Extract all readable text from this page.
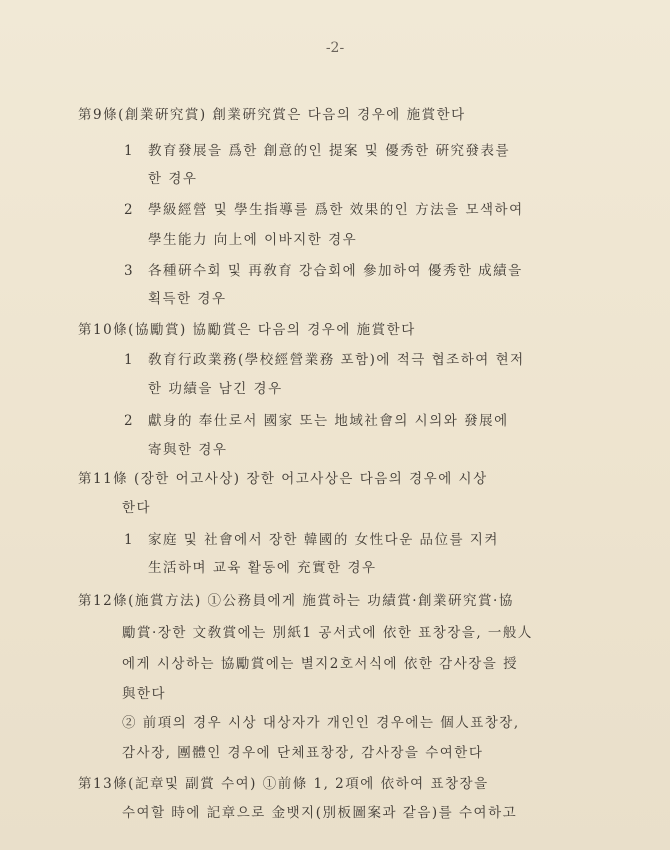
-2-
第9條(創業硏究賞) 創業硏究賞은 다음의 경우에 施賞한다
1 教育發展을 爲한 創意的인 提案 및 優秀한 硏究發表를
한 경우
2 學級經營 및 學生指導를 爲한 效果的인 方法을 모색하여
學生能力 向上에 이바지한 경우
3 各種硏수회 및 再敎育 강습회에 參加하여 優秀한 成績을
획득한 경우
第10條(協勵賞) 協勵賞은 다음의 경우에 施賞한다
1 敎育行政業務(學校經營業務 포함)에 적극 협조하여 현저
한 功績을 남긴 경우
2 獻身的 奉仕로서 國家 또는 地域社會의 시의와 發展에
寄與한 경우
第11條 (장한 어고사상) 장한 어고사상은 다음의 경우에 시상
한다
1 家庭 및 社會에서 장한 韓國的 女性다운 品位를 지켜
生活하며 교육 활동에 充實한 경우
第12條(施賞方法) ①公務員에게 施賞하는 功績賞·創業硏究賞·協
勵賞·장한 文敎賞에는 別紙1 공서式에 依한 표창장을, 一般人
에게 시상하는 協勵賞에는 별지2호서식에 依한 감사장을 授
與한다
② 前項의 경우 시상 대상자가 개인인 경우에는 個人표창장,
감사장, 團體인 경우에 단체표창장, 감사장을 수여한다
第13條(記章및 副賞 수여) ①前條 1, 2項에 依하여 표창장을
수여할 時에 記章으로 金뱃지(別板圖案과 같음)를 수여하고
